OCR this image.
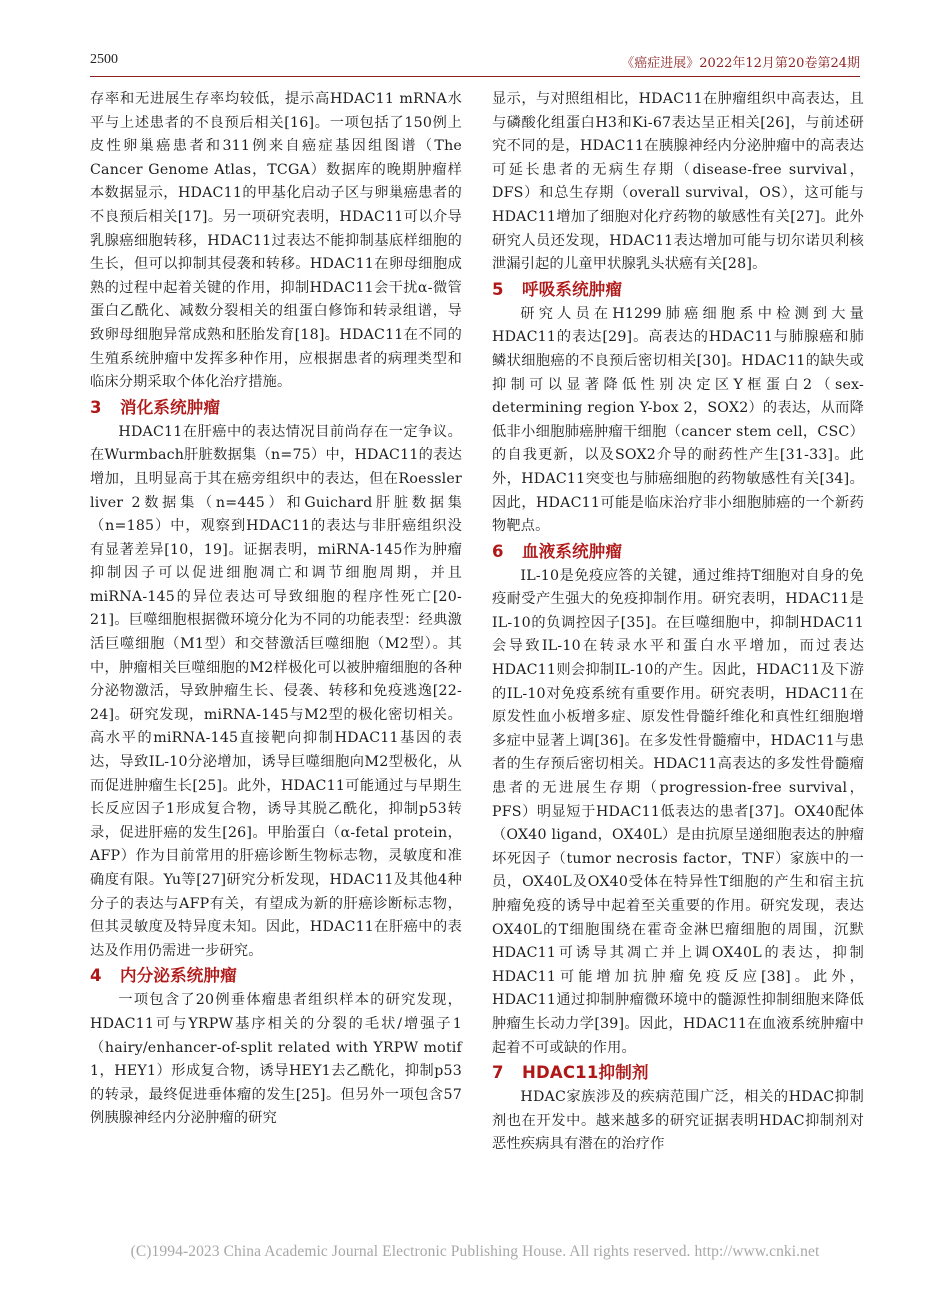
2500	《癌症进展》2022年12月第20卷第24期

存率和无进展生存率均较低，提示高HDAC11 mRNA水平与上述患者的不良预后相关[16]。一项包括了150例上皮性卵巢癌患者和311例来自癌症基因组图谱（The Cancer Genome Atlas，TCGA）数据库的晚期肿瘤样本数据显示，HDAC11的甲基化启动子区与卵巢癌患者的不良预后相关[17]。另一项研究表明，HDAC11可以介导乳腺癌细胞转移，HDAC11过表达不能抑制基底样细胞的生长，但可以抑制其侵袭和转移。HDAC11在卵母细胞成熟的过程中起着关键的作用，抑制HDAC11会干扰α-微管蛋白乙酰化、减数分裂相关的组蛋白修饰和转录组谱，导致卵母细胞异常成熟和胚胎发育[18]。HDAC11在不同的生殖系统肿瘤中发挥多种作用，应根据患者的病理类型和临床分期采取个体化治疗措施。

3 消化系统肿瘤

HDAC11在肝癌中的表达情况目前尚存在一定争议。在Wurmbach肝脏数据集（n=75）中，HDAC11的表达增加，且明显高于其在癌旁组织中的表达，但在Roessler liver 2数据集（n=445）和Guichard肝脏数据集（n=185）中，观察到HDAC11的表达与非肝癌组织没有显著差异[10，19]。证据表明，miRNA-145作为肿瘤抑制因子可以促进细胞凋亡和调节细胞周期，并且miRNA-145的异位表达可导致细胞的程序性死亡[20-21]。巨噬细胞根据微环境分化为不同的功能表型：经典激活巨噬细胞（M1型）和交替激活巨噬细胞（M2型）。其中，肿瘤相关巨噬细胞的M2样极化可以被肿瘤细胞的各种分泌物激活，导致肿瘤生长、侵袭、转移和免疫逃逸[22-24]。研究发现，miRNA-145与M2型的极化密切相关。高水平的miRNA-145直接靶向抑制HDAC11基因的表达，导致IL-10分泌增加，诱导巨噬细胞向M2型极化，从而促进肿瘤生长[25]。此外，HDAC11可能通过与早期生长反应因子1形成复合物，诱导其脱乙酰化，抑制p53转录，促进肝癌的发生[26]。甲胎蛋白（α-fetal protein，AFP）作为目前常用的肝癌诊断生物标志物，灵敏度和准确度有限。Yu等[27]研究分析发现，HDAC11及其他4种分子的表达与AFP有关，有望成为新的肝癌诊断标志物，但其灵敏度及特异度未知。因此，HDAC11在肝癌中的表达及作用仍需进一步研究。

4 内分泌系统肿瘤

一项包含了20例垂体瘤患者组织样本的研究发现，HDAC11可与YRPW基序相关的分裂的毛状/增强子1（hairy/enhancer-of-split related with YRPW motif 1，HEY1）形成复合物，诱导HEY1去乙酰化，抑制p53的转录，最终促进垂体瘤的发生[25]。但另外一项包含57例胰腺神经内分泌肿瘤的研究

显示，与对照组相比，HDAC11在肿瘤组织中高表达，且与磷酸化组蛋白H3和Ki-67表达呈正相关[26]，与前述研究不同的是，HDAC11在胰腺神经内分泌肿瘤中的高表达可延长患者的无病生存期（disease-free survival，DFS）和总生存期（overall survival，OS），这可能与HDAC11增加了细胞对化疗药物的敏感性有关[27]。此外研究人员还发现，HDAC11表达增加可能与切尔诺贝利核泄漏引起的儿童甲状腺乳头状癌有关[28]。

5 呼吸系统肿瘤

研究人员在H1299肺癌细胞系中检测到大量HDAC11的表达[29]。高表达的HDAC11与肺腺癌和肺鳞状细胞癌的不良预后密切相关[30]。HDAC11的缺失或抑制可以显著降低性别决定区Y框蛋白2（sex-determining region Y-box 2，SOX2）的表达，从而降低非小细胞肺癌肿瘤干细胞（cancer stem cell，CSC）的自我更新，以及SOX2介导的耐药性产生[31-33]。此外，HDAC11突变也与肺癌细胞的药物敏感性有关[34]。因此，HDAC11可能是临床治疗非小细胞肺癌的一个新药物靶点。

6 血液系统肿瘤

IL-10是免疫应答的关键，通过维持T细胞对自身的免疫耐受产生强大的免疫抑制作用。研究表明，HDAC11是IL-10的负调控因子[35]。在巨噬细胞中，抑制HDAC11会导致IL-10在转录水平和蛋白水平增加，而过表达HDAC11则会抑制IL-10的产生。因此，HDAC11及下游的IL-10对免疫系统有重要作用。研究表明，HDAC11在原发性血小板增多症、原发性骨髓纤维化和真性红细胞增多症中显著上调[36]。在多发性骨髓瘤中，HDAC11与患者的生存预后密切相关。HDAC11高表达的多发性骨髓瘤患者的无进展生存期（progression-free survival，PFS）明显短于HDAC11低表达的患者[37]。OX40配体（OX40 ligand，OX40L）是由抗原呈递细胞表达的肿瘤坏死因子（tumor necrosis factor，TNF）家族中的一员，OX40L及OX40受体在特异性T细胞的产生和宿主抗肿瘤免疫的诱导中起着至关重要的作用。研究发现，表达OX40L的T细胞围绕在霍奇金淋巴瘤细胞的周围，沉默HDAC11可诱导其凋亡并上调OX40L的表达，抑制HDAC11可能增加抗肿瘤免疫反应[38]。此外，HDAC11通过抑制肿瘤微环境中的髓源性抑制细胞来降低肿瘤生长动力学[39]。因此，HDAC11在血液系统肿瘤中起着不可或缺的作用。

7 HDAC11抑制剂

HDAC家族涉及的疾病范围广泛，相关的HDAC抑制剂也在开发中。越来越多的研究证据表明HDAC抑制剂对恶性疾病具有潜在的治疗作

(C)1994-2023 China Academic Journal Electronic Publishing House. All rights reserved. http://www.cnki.net
